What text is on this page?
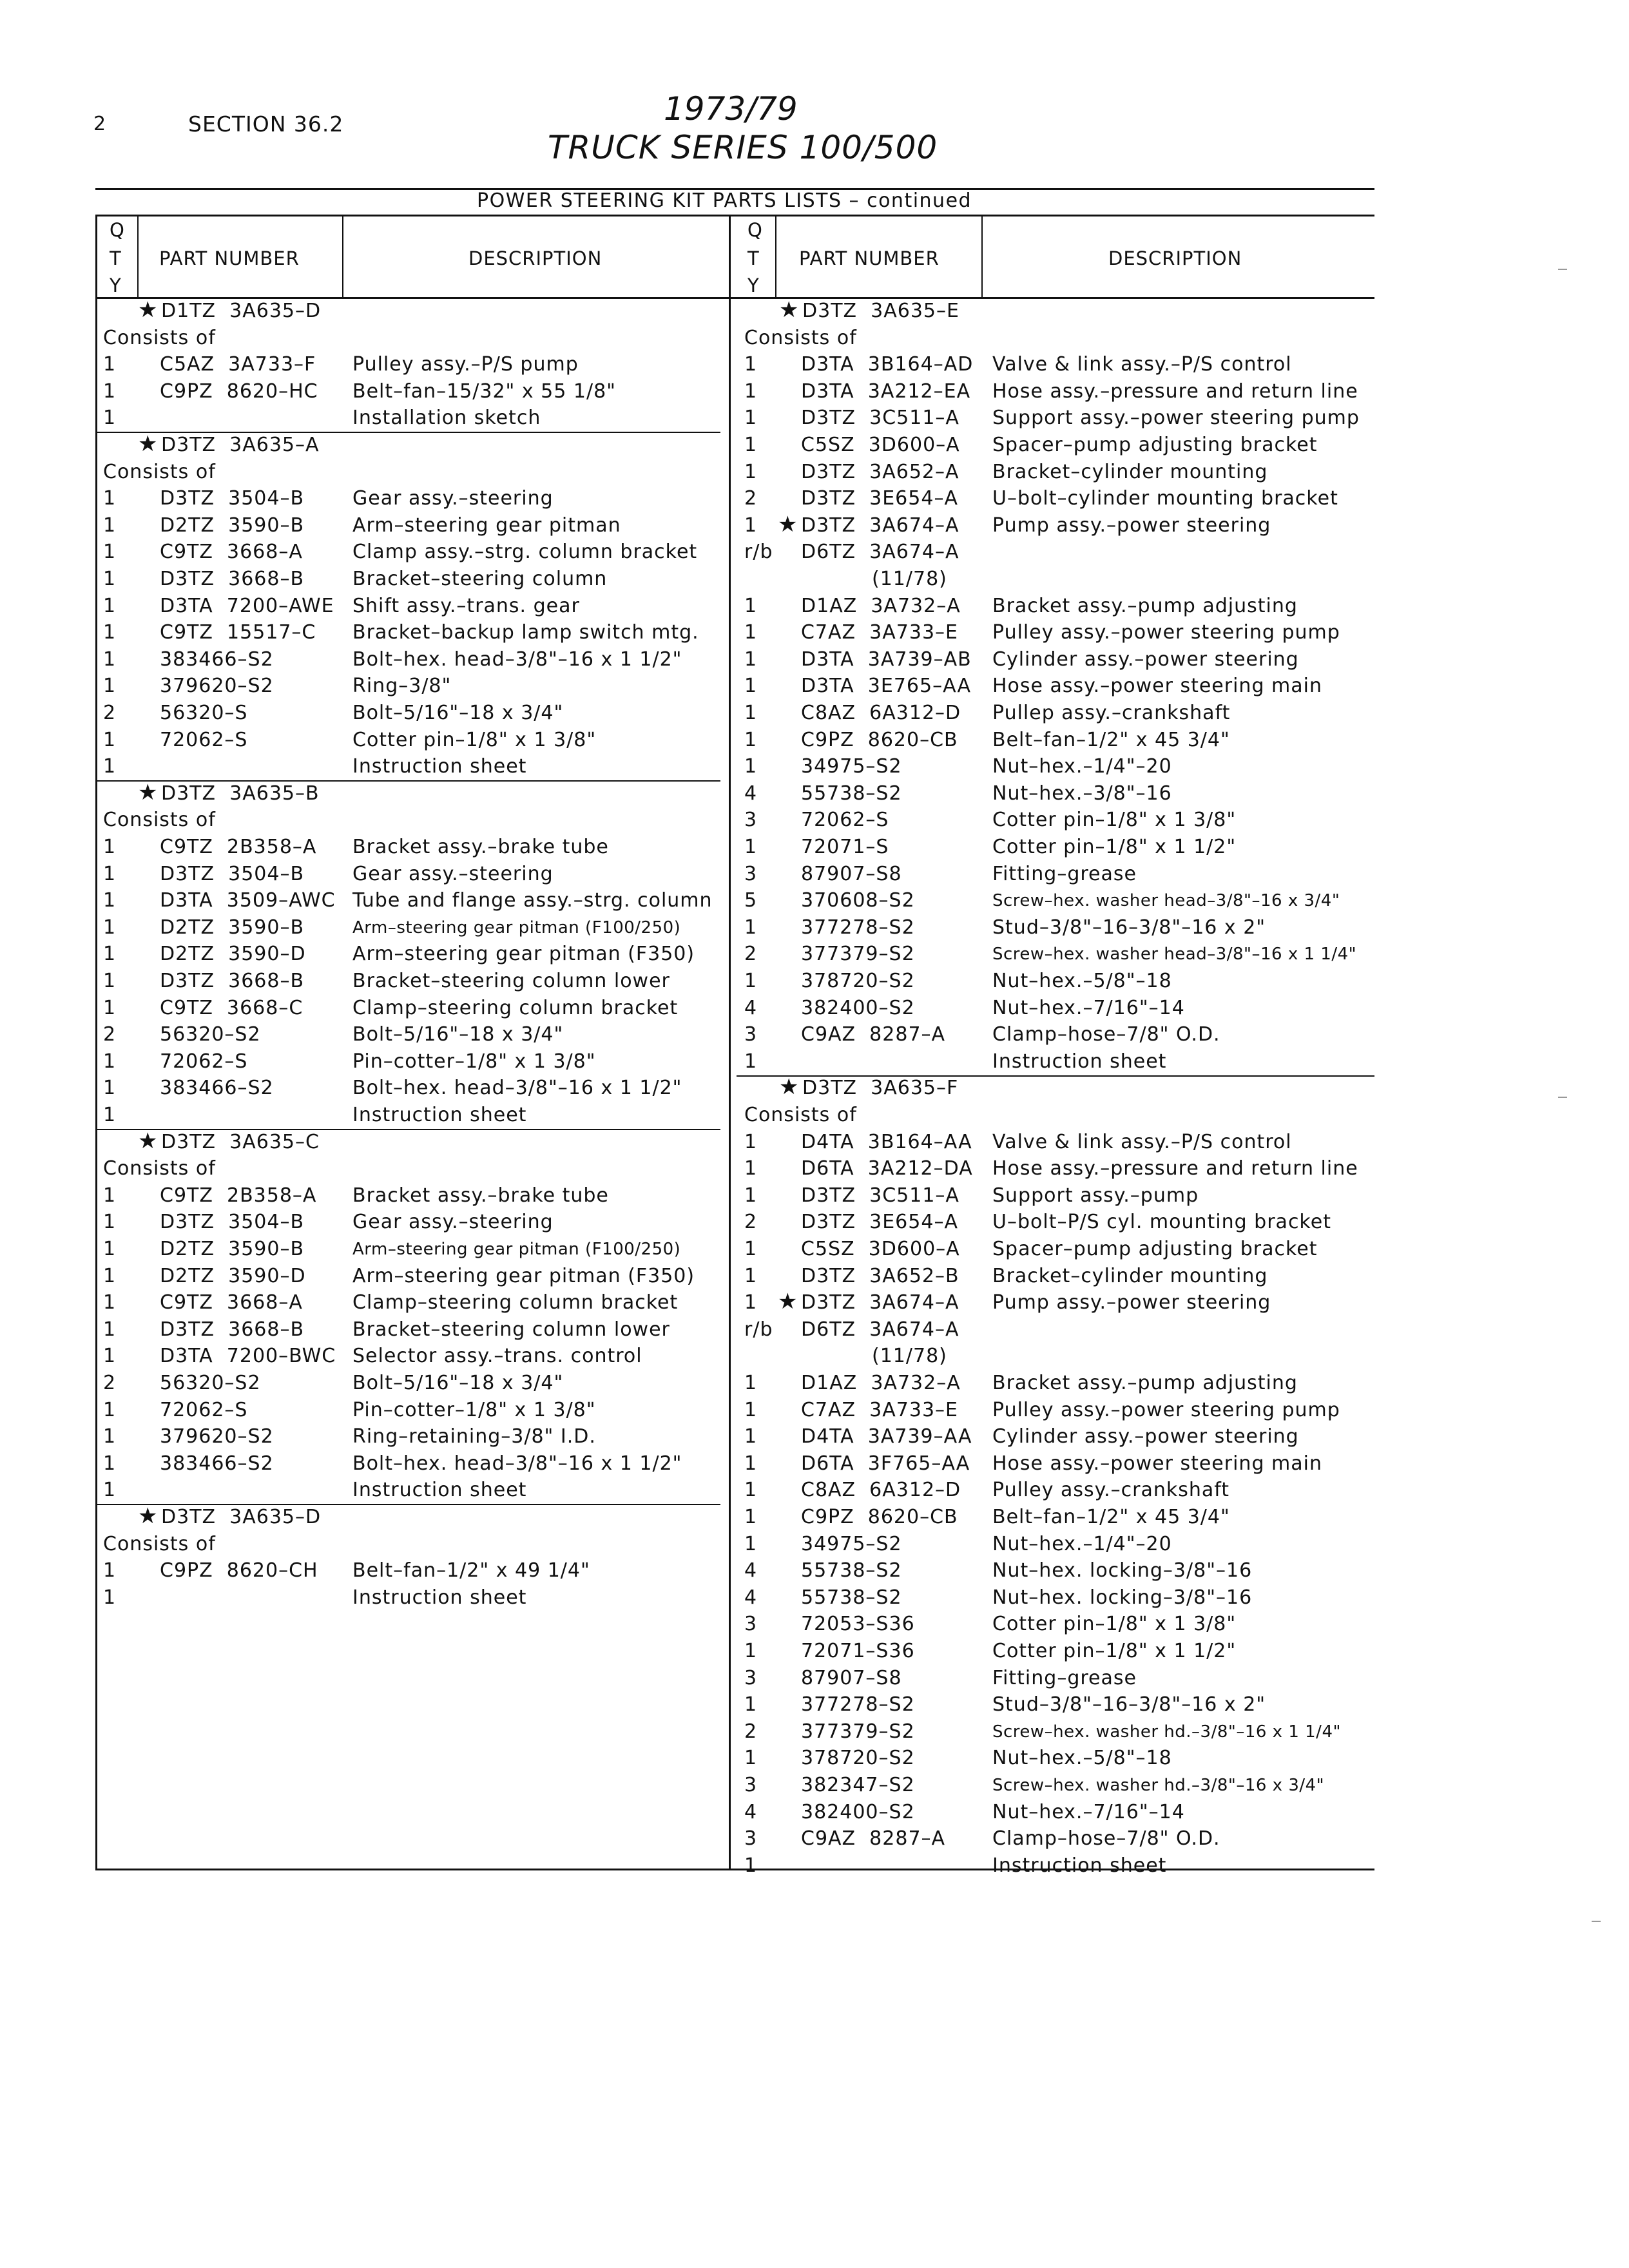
2	SECTION 36.2	1973/79
TRUCK SERIES 100/500
POWER STEERING KIT PARTS LISTS – continued
Q
T
Y
PART NUMBER	DESCRIPTION
Q
T
Y
PART NUMBER	DESCRIPTION
★ D1TZ  3A635–D
Consists of
1 C5AZ  3A733–F Pulley assy.–P/S pump
1 C9PZ  8620–HC Belt–fan–15/32" x 55 1/8"
1	Installation sketch
★ D3TZ  3A635–A
Consists of
1 D3TZ  3504–B Gear assy.–steering
1 D2TZ  3590–B Arm–steering gear pitman
1 C9TZ  3668–A	Clamp assy.–strg. column bracket
1 D3TZ  3668–B Bracket–steering column
1 D3TA  7200–AWE Shift assy.–trans. gear
1 C9TZ  15517–C Bracket–backup lamp switch mtg.
1 383466–S2	Bolt–hex. head–3/8"–16 x 1 1/2"
1 379620–S2	Ring–3/8"
2 56320–S	Bolt–5/16"–18 x 3/4"
1 72062–S	Cotter pin–1/8" x 1 3/8"
1	Instruction sheet
★ D3TZ  3A635–B
Consists of
1 C9TZ  2B358–A Bracket assy.–brake tube
1 D3TZ  3504–B Gear assy.–steering
1 D3TA  3509–AWC Tube and flange assy.–strg. column
1 D2TZ  3590–B	Arm–steering gear pitman (F100/250)
1 D2TZ  3590–D Arm–steering gear pitman (F350)
1 D3TZ  3668–B Bracket–steering column lower
1 C9TZ  3668–C	Clamp–steering column bracket
2 56320–S2	Bolt–5/16"–18 x 3/4"
1 72062–S	Pin–cotter–1/8" x 1 3/8"
1 383466–S2	Bolt–hex. head–3/8"–16 x 1 1/2"
1	Instruction sheet
★ D3TZ  3A635–C
Consists of
1 C9TZ  2B358–A Bracket assy.–brake tube
1 D3TZ  3504–B Gear assy.–steering
1 D2TZ  3590–B	Arm–steering gear pitman (F100/250)
1 D2TZ  3590–D Arm–steering gear pitman (F350)
1 C9TZ  3668–A	Clamp–steering column bracket
1 D3TZ  3668–B Bracket–steering column lower
1 D3TA  7200–BWC Selector assy.–trans. control
2 56320–S2	Bolt–5/16"–18 x 3/4"
1 72062–S	Pin–cotter–1/8" x 1 3/8"
1 379620–S2	Ring–retaining–3/8" I.D.
1 383466–S2	Bolt–hex. head–3/8"–16 x 1 1/2"
1	Instruction sheet
★ D3TZ  3A635–D
Consists of
1 C9PZ  8620–CH Belt–fan–1/2" x 49 1/4"
1	Instruction sheet
★ D3TZ  3A635–E
Consists of
1 D3TA  3B164–AD Valve & link assy.–P/S control
1 D3TA  3A212–EA Hose assy.–pressure and return line
1 D3TZ  3C511–A Support assy.–power steering pump
1 C5SZ  3D600–A Spacer–pump adjusting bracket
1 D3TZ  3A652–A Bracket–cylinder mounting
2 D3TZ  3E654–A U–bolt–cylinder mounting bracket
1 ★ D3TZ  3A674–A Pump assy.–power steering
r/b D6TZ  3A674–A
(11/78)
1 D1AZ  3A732–A Bracket assy.–pump adjusting
1 C7AZ  3A733–E Pulley assy.–power steering pump
1 D3TA  3A739–AB Cylinder assy.–power steering
1 D3TA  3E765–AA Hose assy.–power steering main
1 C8AZ  6A312–D Pullep assy.–crankshaft
1 C9PZ  8620–CB Belt–fan–1/2" x 45 3/4"
1 34975–S2	Nut–hex.–1/4"–20
4 55738–S2	Nut–hex.–3/8"–16
3 72062–S	Cotter pin–1/8" x 1 3/8"
1 72071–S	Cotter pin–1/8" x 1 1/2"
3 87907–S8	Fitting–grease
5 370608–S2	Screw–hex. washer head–3/8"–16 x 3/4"
1 377278–S2	Stud–3/8"–16–3/8"–16 x 2"
2 377379–S2	Screw–hex. washer head–3/8"–16 x 1 1/4"
1 378720–S2	Nut–hex.–5/8"–18
4 382400–S2	Nut–hex.–7/16"–14
3 C9AZ  8287–A Clamp–hose–7/8" O.D.
1	Instruction sheet
★ D3TZ  3A635–F
Consists of
1 D4TA  3B164–AA Valve & link assy.–P/S control
1 D6TA  3A212–DA Hose assy.–pressure and return line
1 D3TZ  3C511–A Support assy.–pump
2 D3TZ  3E654–A U–bolt–P/S cyl. mounting bracket
1 C5SZ  3D600–A Spacer–pump adjusting bracket
1 D3TZ  3A652–B Bracket–cylinder mounting
1 ★ D3TZ  3A674–A Pump assy.–power steering
r/b D6TZ  3A674–A
(11/78)
1 D1AZ  3A732–A Bracket assy.–pump adjusting
1 C7AZ  3A733–E Pulley assy.–power steering pump
1 D4TA  3A739–AA Cylinder assy.–power steering
1 D6TA  3F765–AA Hose assy.–power steering main
1 C8AZ  6A312–D Pulley assy.–crankshaft
1 C9PZ  8620–CB Belt–fan–1/2" x 45 3/4"
1 34975–S2	Nut–hex.–1/4"–20
4 55738–S2	Nut–hex. locking–3/8"–16
4 55738–S2	Nut–hex. locking–3/8"–16
3 72053–S36	Cotter pin–1/8" x 1 3/8"
1 72071–S36	Cotter pin–1/8" x 1 1/2"
3 87907–S8	Fitting–grease
1 377278–S2	Stud–3/8"–16–3/8"–16 x 2"
2 377379–S2	Screw–hex. washer hd.–3/8"–16 x 1 1/4"
1 378720–S2	Nut–hex.–5/8"–18
3 382347–S2	Screw–hex. washer hd.–3/8"–16 x 3/4"
4 382400–S2	Nut–hex.–7/16"–14
3 C9AZ  8287–A Clamp–hose–7/8" O.D.
1	Instruction sheet
